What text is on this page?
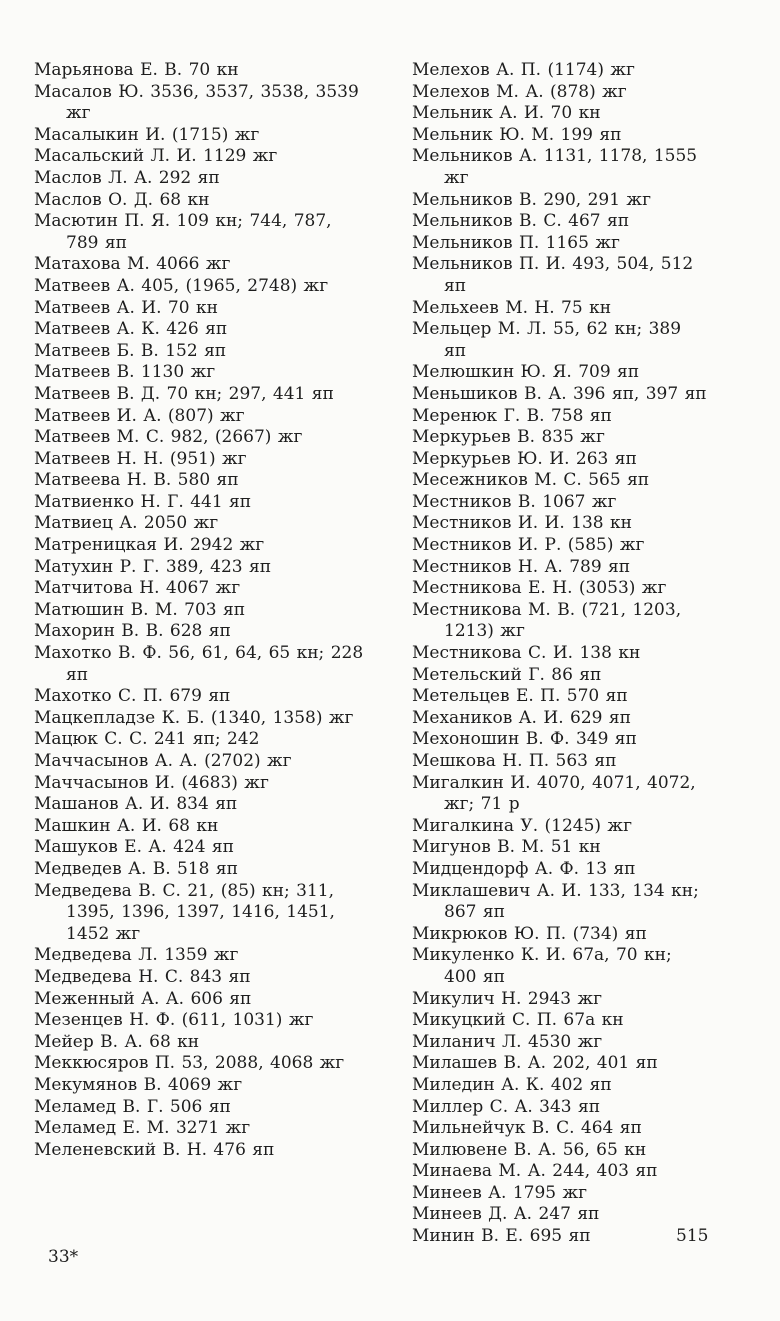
Марьянова Е. В. 70 кн
Масалов Ю. 3536, 3537, 3538, 3539 жг
Масалыкин И. (1715) жг
Масальский Л. И. 1129 жг
Маслов Л. А. 292 яп
Маслов О. Д. 68 кн
Масютин П. Я. 109 кн; 744, 787, 789 яп
Матахова М. 4066 жг
Матвеев А. 405, (1965, 2748) жг
Матвеев А. И. 70 кн
Матвеев А. К. 426 яп
Матвеев Б. В. 152 яп
Матвеев В. 1130 жг
Матвеев В. Д. 70 кн; 297, 441 яп
Матвеев И. А. (807) жг
Матвеев М. С. 982, (2667) жг
Матвеев Н. Н. (951) жг
Матвеева Н. В. 580 яп
Матвиенко Н. Г. 441 яп
Матвиец А. 2050 жг
Матреницкая И. 2942 жг
Матухин Р. Г. 389, 423 яп
Матчитова Н. 4067 жг
Матюшин В. М. 703 яп
Махорин В. В. 628 яп
Махотко В. Ф. 56, 61, 64, 65 кн; 228 яп
Махотко С. П. 679 яп
Мацкепладзе К. Б. (1340, 1358) жг
Мацюк С. С. 241 яп; 242
Маччасынов А. А. (2702) жг
Маччасынов И. (4683) жг
Машанов А. И. 834 яп
Машкин А. И. 68 кн
Машуков Е. А. 424 яп
Медведев А. В. 518 яп
Медведева В. С. 21, (85) кн; 311, 1395, 1396, 1397, 1416, 1451, 1452 жг
Медведева Л. 1359 жг
Медведева Н. С. 843 яп
Меженный А. А. 606 яп
Мезенцев Н. Ф. (611, 1031) жг
Мейер В. А. 68 кн
Меккюсяров П. 53, 2088, 4068 жг
Мекумянов В. 4069 жг
Меламед В. Г. 506 яп
Меламед Е. М. 3271 жг
Меленевский В. Н. 476 яп
Мелехов А. П. (1174) жг
Мелехов М. А. (878) жг
Мельник А. И. 70 кн
Мельник Ю. М. 199 яп
Мельников А. 1131, 1178, 1555 жг
Мельников В. 290, 291 жг
Мельников В. С. 467 яп
Мельников П. 1165 жг
Мельников П. И. 493, 504, 512 яп
Мельхеев М. Н. 75 кн
Мельцер М. Л. 55, 62 кн; 389 яп
Мелюшкин Ю. Я. 709 яп
Меньшиков В. А. 396 яп, 397 яп
Меренюк Г. В. 758 яп
Меркурьев В. 835 жг
Меркурьев Ю. И. 263 яп
Месежников М. С. 565 яп
Местников В. 1067 жг
Местников И. И. 138 кн
Местников И. Р. (585) жг
Местников Н. А. 789 яп
Местникова Е. Н. (3053) жг
Местникова М. В. (721, 1203, 1213) жг
Местникова С. И. 138 кн
Метельский Г. 86 яп
Метельцев Е. П. 570 яп
Механиков А. И. 629 яп
Мехоношин В. Ф. 349 яп
Мешкова Н. П. 563 яп
Мигалкин И. 4070, 4071, 4072, жг; 71 р
Мигалкина У. (1245) жг
Мигунов В. М. 51 кн
Мидцендорф А. Ф. 13 яп
Миклашевич А. И. 133, 134 кн; 867 яп
Микрюков Ю. П. (734) яп
Микуленко К. И. 67а, 70 кн; 400 яп
Микулич Н. 2943 жг
Микуцкий С. П. 67а кн
Миланич Л. 4530 жг
Милашев В. А. 202, 401 яп
Миледин А. К. 402 яп
Миллер С. А. 343 яп
Мильнейчук В. С. 464 яп
Милювене В. А. 56, 65 кн
Минаева М. А. 244, 403 яп
Минеев А. 1795 жг
Минеев Д. А. 247 яп
Минин В. Е. 695 яп	515
33*
